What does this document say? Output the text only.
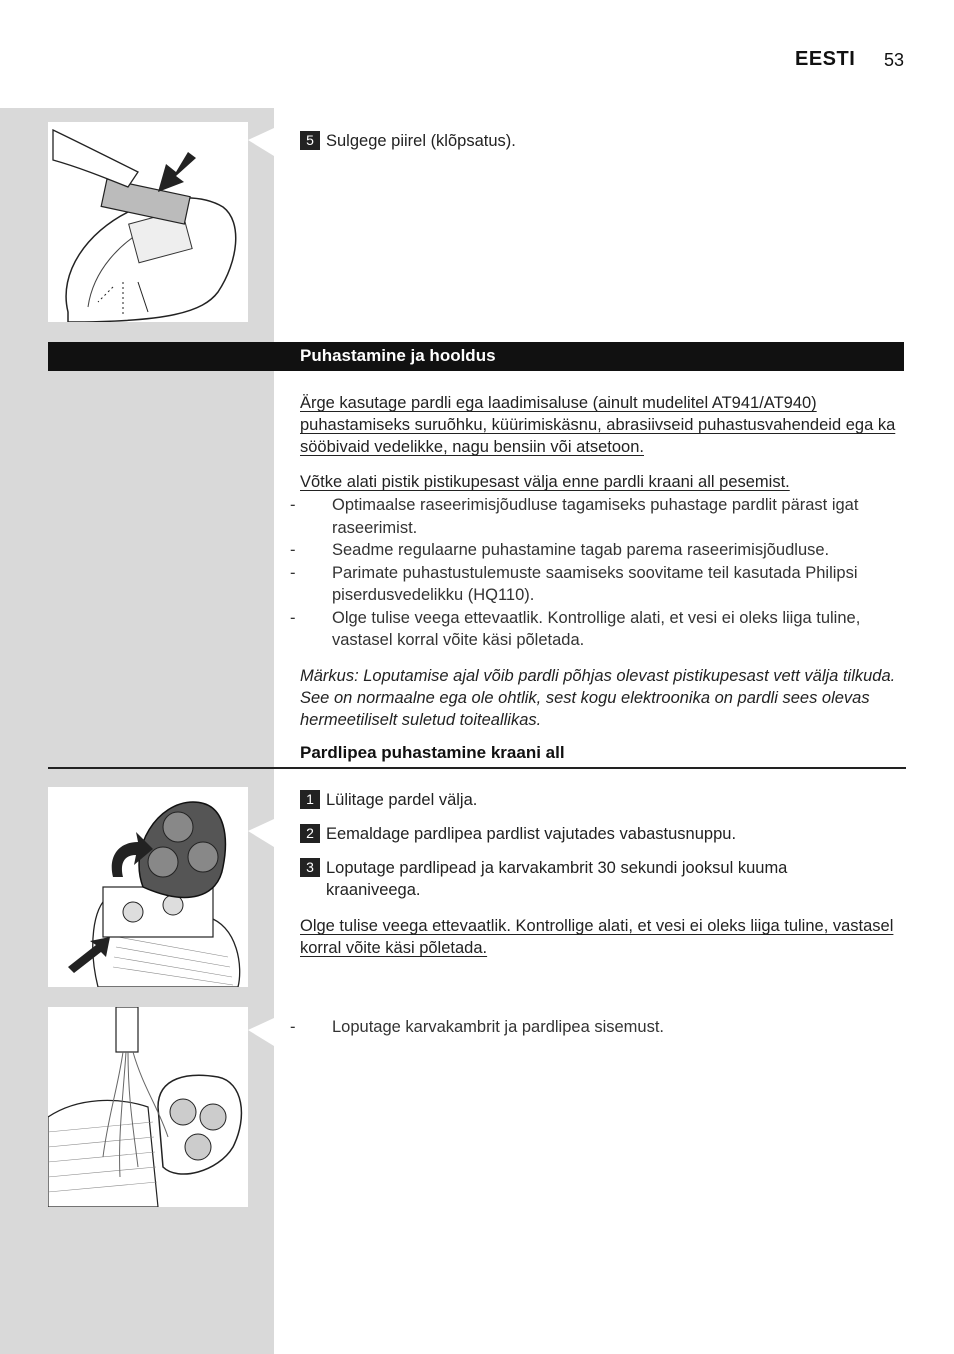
EESTI 53
5 Sulgege piirel (klõpsatus).
Puhastamine ja hooldus
Ärge kasutage pardli ega laadimisaluse (ainult mudelitel AT941/AT940) puhastamiseks suruõhku, küürimiskäsnu, abrasiivseid puhastusvahendeid ega ka sööbivaid vedelikke, nagu bensiin või atsetoon.
Võtke alati pistik pistikupesast välja enne pardli kraani all pesemist.
-	Optimaalse raseerimisjõudluse tagamiseks puhastage pardlit pärast igat raseerimist.
-	Seadme regulaarne puhastamine tagab parema raseerimisjõudluse.
-	Parimate puhastustulemuste saamiseks soovitame teil kasutada Philipsi piserdusvedelikku (HQ110).
-	Olge tulise veega ettevaatlik. Kontrollige alati, et vesi ei oleks liiga tuline, vastasel korral võite käsi põletada.
Märkus: Loputamise ajal võib pardli põhjas olevast pistikupesast vett välja tilkuda. See on normaalne ega ole ohtlik, sest kogu elektroonika on pardli sees olevas hermeetiliselt suletud toiteallikas.
Pardlipea puhastamine kraani all
1 Lülitage pardel välja.
2 Eemaldage pardlipea pardlist vajutades vabastusnuppu.
3 Loputage pardlipead ja karvakambrit 30 sekundi jooksul kuuma kraaniveega.
Olge tulise veega ettevaatlik. Kontrollige alati, et vesi ei oleks liiga tuline, vastasel korral võite käsi põletada.
-	Loputage karvakambrit ja pardlipea sisemust.
